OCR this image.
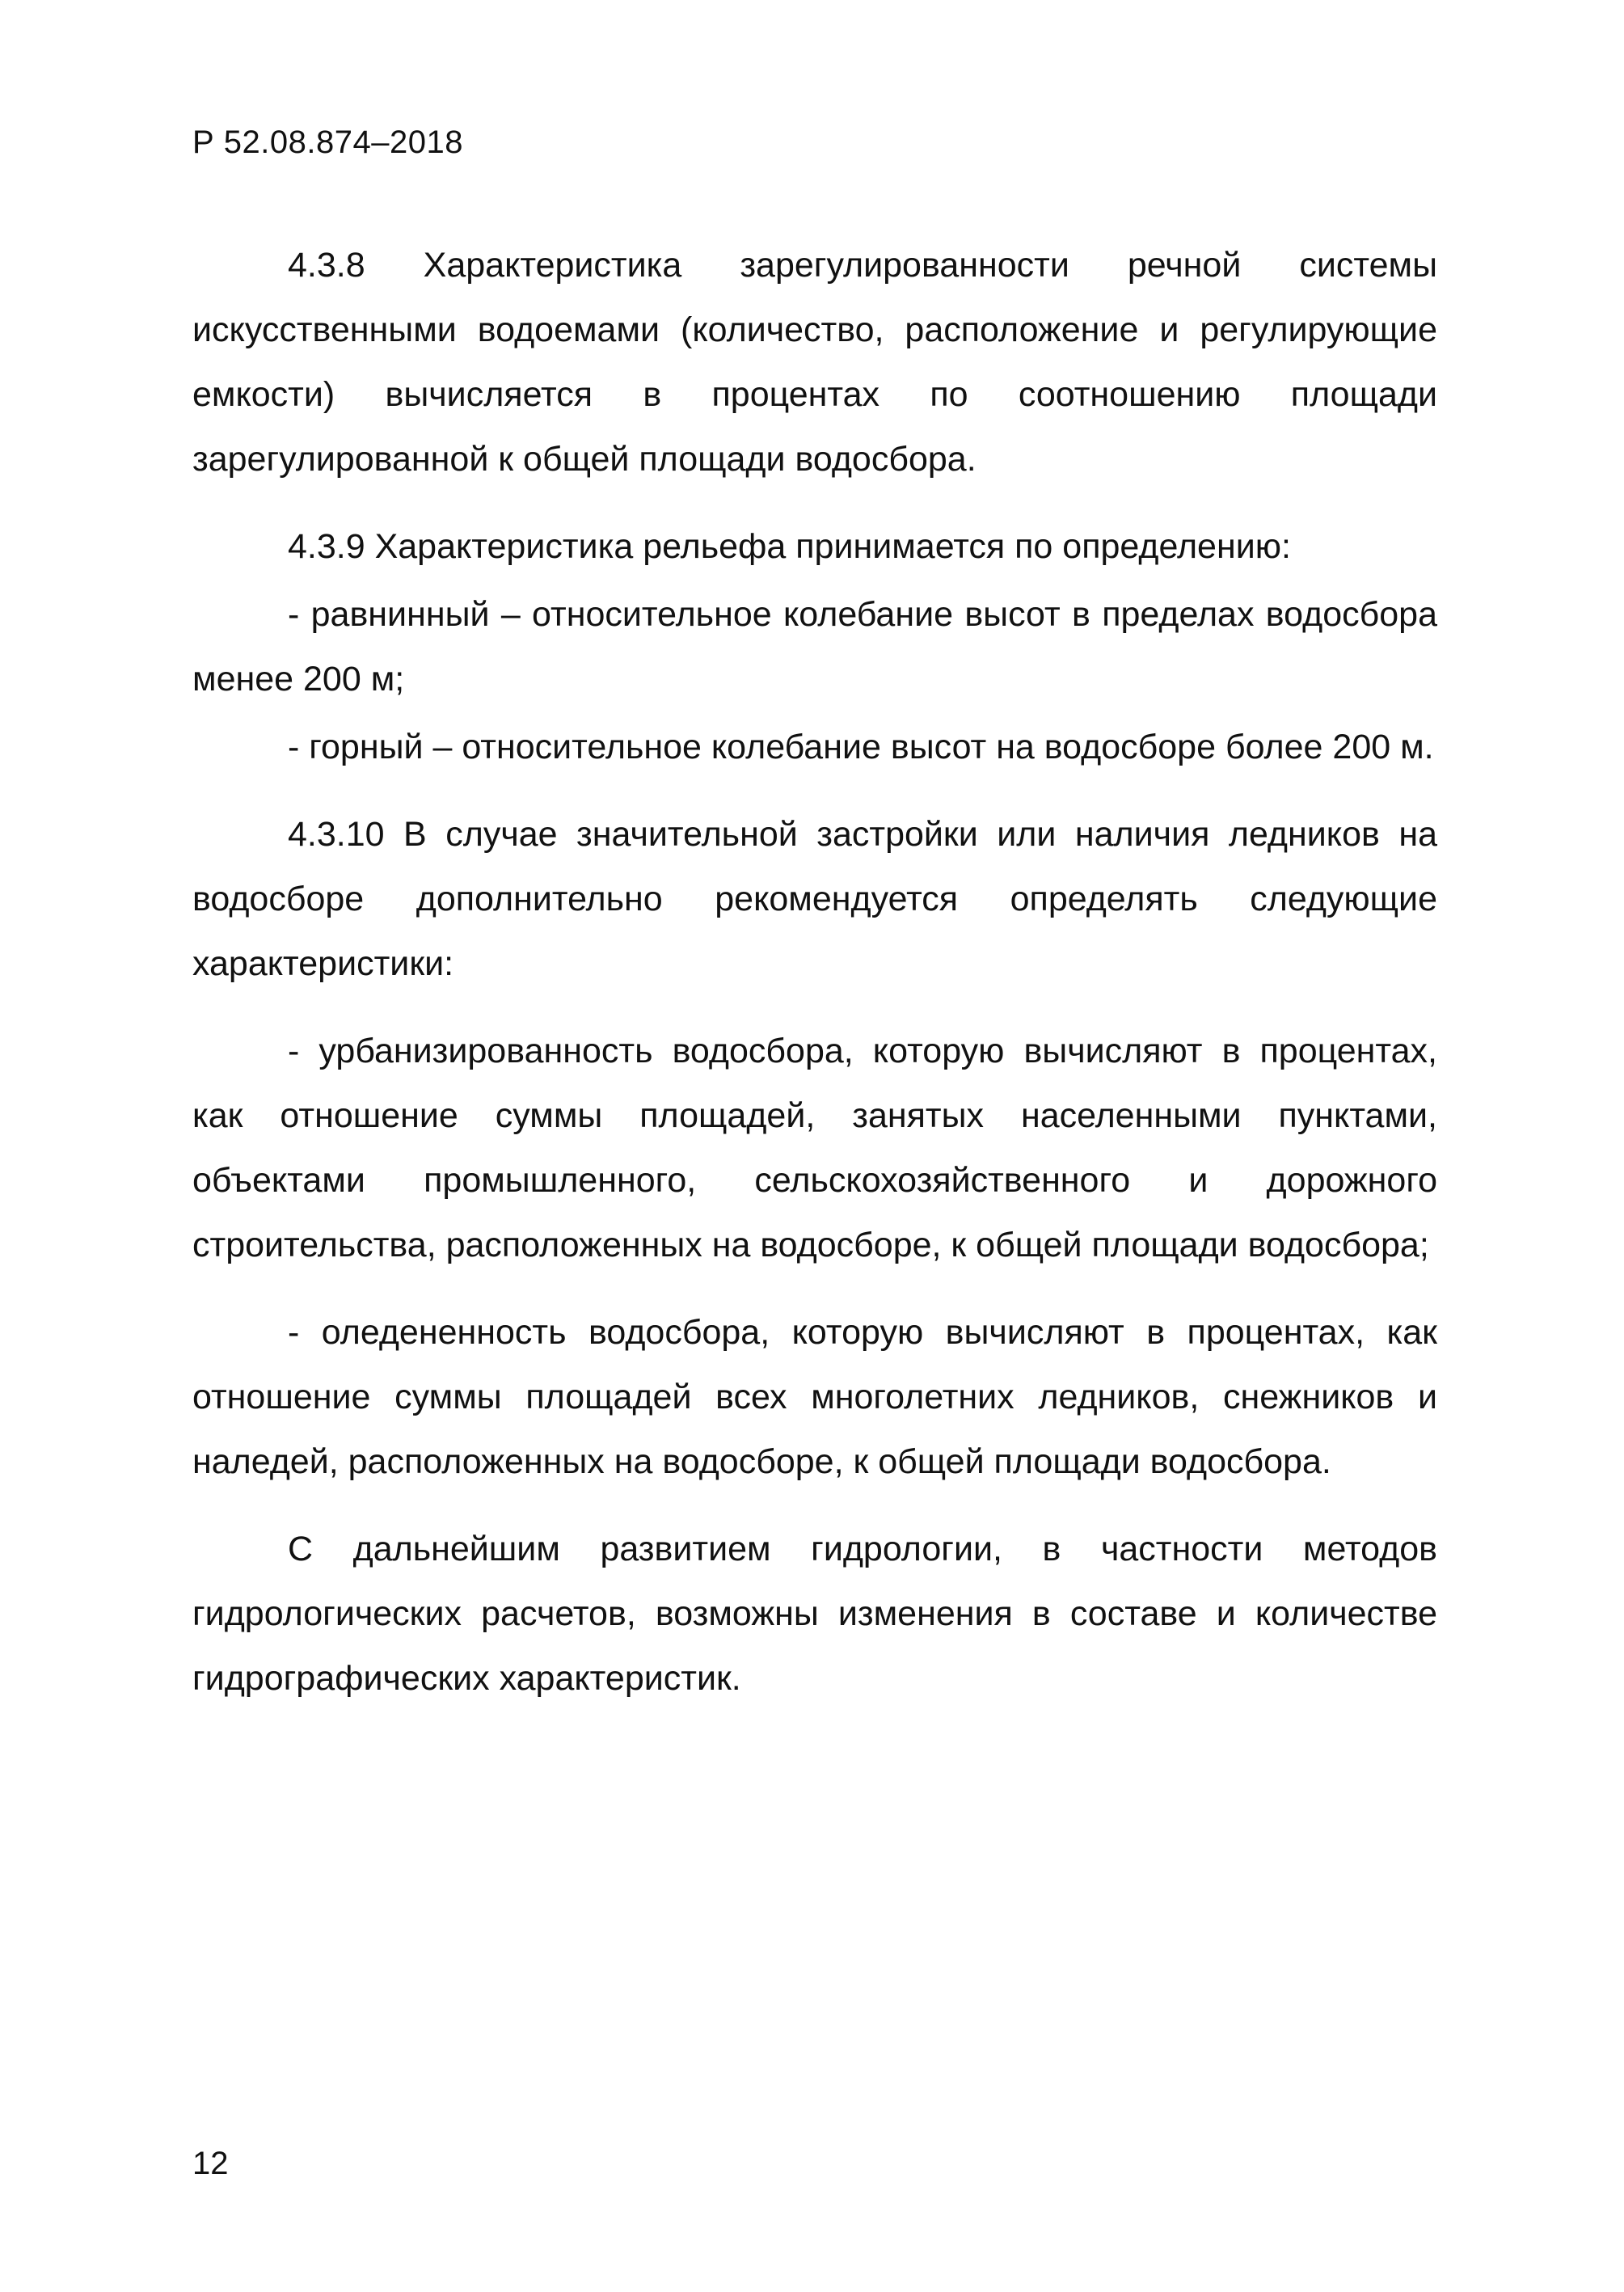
Р 52.08.874–2018

4.3.8 Характеристика зарегулированности речной системы искусственными водоемами (количество, расположение и регулирующие емкости) вычисляется в процентах по соотношению площади зарегулированной к общей площади водосбора.

4.3.9 Характеристика рельефа принимается по определению:

- равнинный – относительное колебание высот в пределах водосбора менее 200 м;

- горный – относительное колебание высот на водосборе более 200 м.

4.3.10 В случае значительной застройки или наличия ледников на водосборе дополнительно рекомендуется определять следующие характеристики:

- урбанизированность водосбора, которую вычисляют в процентах, как отношение суммы площадей, занятых населенными пунктами, объектами промышленного, сельскохозяйственного и дорожного строительства, расположенных на водосборе, к общей площади водосбора;

- оледененность водосбора, которую вычисляют в процентах, как отношение суммы площадей всех многолетних ледников, снежников и наледей, расположенных на водосборе, к общей площади водосбора.

С дальнейшим развитием гидрологии, в частности методов гидрологических расчетов, возможны изменения в составе и количестве гидрографических характеристик.

12
